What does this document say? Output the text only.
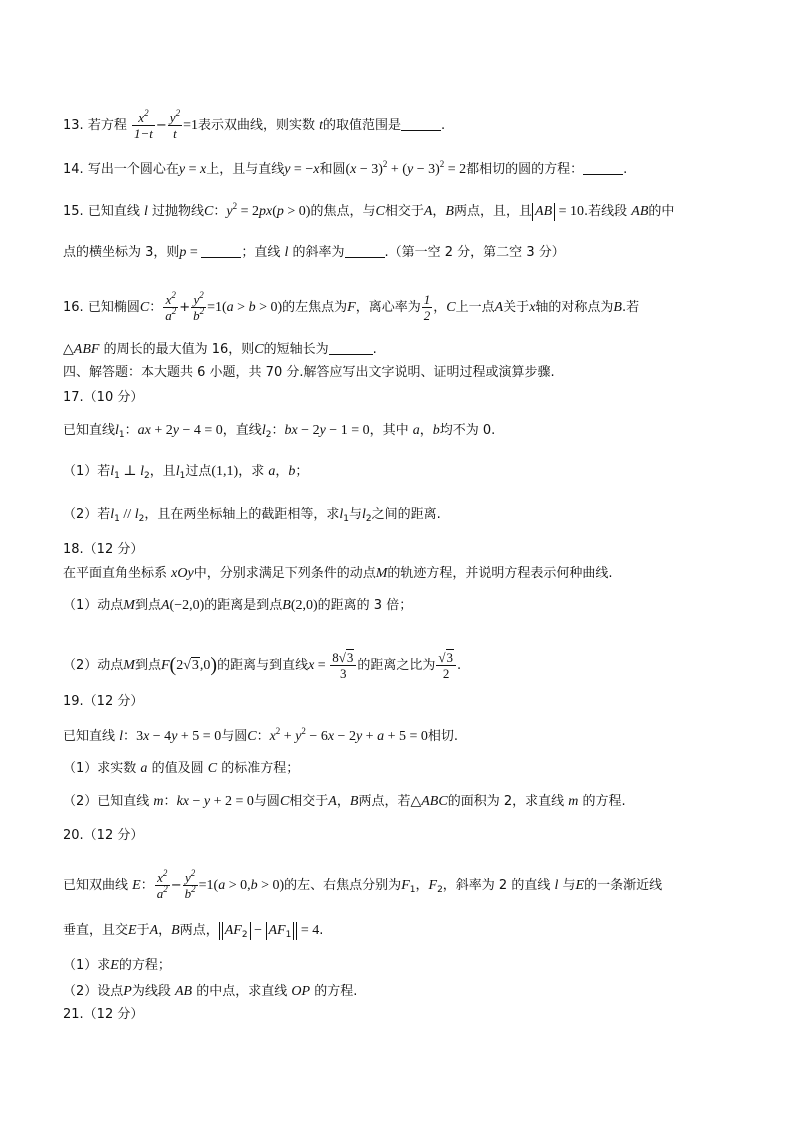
13. 若方程 $\frac{x^2}{1-t} - \frac{y^2}{t} =1$表示双曲线，则实数 t的取值范围是	.
14. 写出一个圆心在y = x上，且与直线y = −x和圆$(x - 3)^2 + (y - 3)^2 = 2$都相切的圆的方程：	.
15. 已知直线 l 过抛物线C：$y^2 = 2px(p > 0)$的焦点，与C相交于A，B两点，且，且 AB = 10.若线段 AB的中
点的横坐标为 3，则p =	；直线 l 的斜率为	.（第一空 2 分，第二空 3 分）
16. 已知椭圆C： $\frac{x^2}{a^2} + \frac{y^2}{b^2} =1(a > b > 0)$的左焦点为F，离心率为 $\frac{1}{2}$ ，C上一点A关于x轴的对称点为B.若
△ABF 的周长的最大值为 16，则C的短轴长为	.
四、解答题：本大题共 6 小题，共 70 分.解答应写出文字说明、证明过程或演算步骤.
17.（10 分）
已知直线$l_1$：ax + 2y − 4 = 0，直线$l_2$：bx − 2y − 1 = 0，其中 a，b均不为 0.
（1）若$l_1$ ⊥ $l_2$，且$l_1$过点(1,1)，求 a，b；
（2）若$l_1 // l_2$，且在两坐标轴上的截距相等，求$l_1$与$l_2$之间的距离.
18.（12 分）
在平面直角坐标系 xOy中，分别求满足下列条件的动点M的轨迹方程，并说明方程表示何种曲线.
（1）动点M到点A(−2,0)的距离是到点B(2,0)的距离的 3 倍；
（2）动点M到点F(2√3,0)的距离与到直线$x = \frac{8√3}{3}$ 的距离之比为 $\frac{√3}{2}$ .
19.（12 分）
已知直线 l：3x − 4y + 5 = 0与圆C：$x^2 + y^2 - 6x - 2y + a + 5 = 0$相切.
（1）求实数 a 的值及圆 C 的标准方程；
（2）已知直线 m：kx − y + 2 = 0与圆C相交于A，B两点，若△ABC的面积为 2，求直线 m 的方程.
20.（12 分）
已知双曲线 E： $\frac{x^2}{a^2} - \frac{y^2}{b^2} =1(a > 0,b > 0)$的左、右焦点分别为$F_1$，$F_2$，斜率为 2 的直线 l 与E的一条渐近线
垂直，且交E于A，B两点， $AF_2 - AF_1 = 4$.
（1）求E的方程；
（2）设点P为线段 AB 的中点，求直线 OP 的方程.
21.（12 分）
